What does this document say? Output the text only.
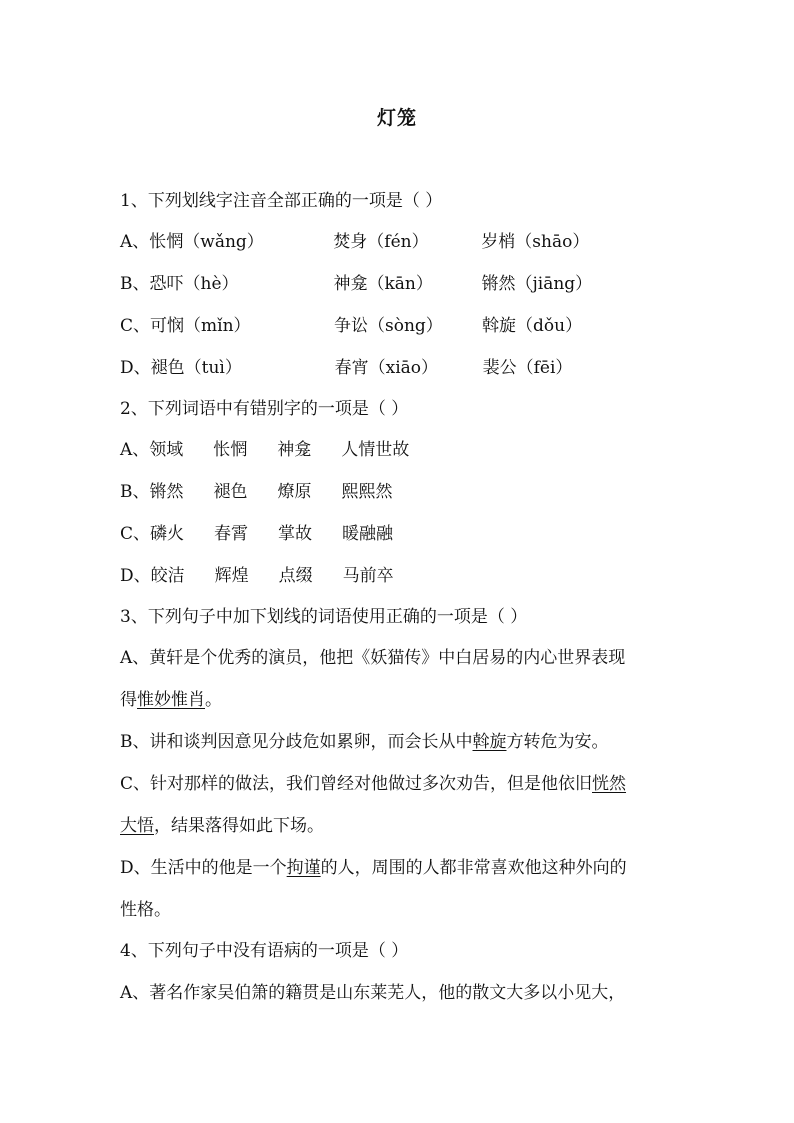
灯笼
1、下列划线字注音全部正确的一项是（ ）
A、怅惘（wǎng）	焚身（fén）	岁梢（shāo）
B、恐吓（hè）	神龛（kān）	锵然（jiāng）
C、可悯（mǐn）	争讼（sòng） 斡旋（dǒu）
D、褪色（tuì）	春宵（xiāo）	裴公（fēi）
2、下列词语中有错别字的一项是（ ）
A、领域 怅惘 神龛 人情世故
B、锵然 褪色 燎原 熙熙然
C、磷火 春霄 掌故 暖融融
D、皎洁 辉煌 点缀 马前卒
3、下列句子中加下划线的词语使用正确的一项是（ ）
A、黄轩是个优秀的演员，他把《妖猫传》中白居易的内心世界表现
得惟妙惟肖。
B、讲和谈判因意见分歧危如累卵，而会长从中斡旋方转危为安。
C、针对那样的做法，我们曾经对他做过多次劝告，但是他依旧恍然
大悟，结果落得如此下场。
D、生活中的他是一个拘谨的人，周围的人都非常喜欢他这种外向的
性格。
4、下列句子中没有语病的一项是（ ）
A、著名作家吴伯箫的籍贯是山东莱芜人，他的散文大多以小见大，
